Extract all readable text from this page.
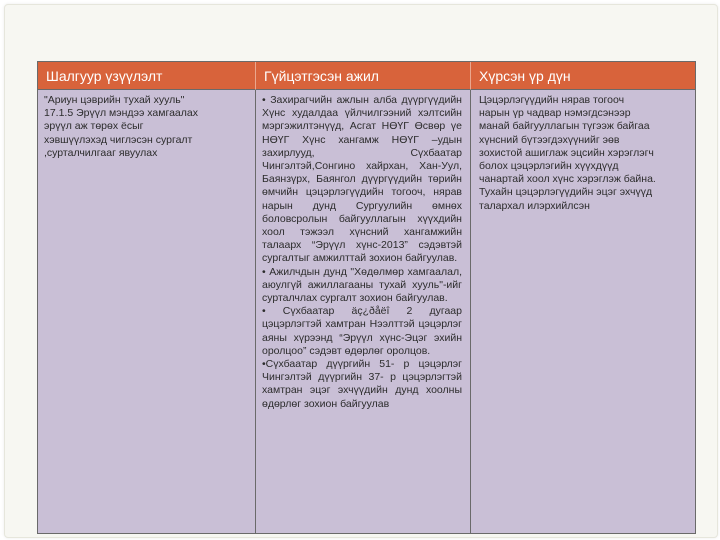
Шалгуур үзүүлэлт	Гүйцэтгэсэн ажил	Хүрсэн үр дүн
"Ариун цэврийн тухай хууль"
17.1.5 Эрүүл мэндээ хамгаалах
эрүүл аж төрөх ёсыг
хэвшүүлэхэд чиглэсэн сургалт
,сурталчилгааг явуулах
• Захирагчийн ажлын алба дүүргүүдийн Хүнс худалдаа үйлчилгээний хэлтсийн мэргэжилтэнүүд, Асгат НӨҮГ Өсвөр үе НӨҮГ Хүнс хангамж НӨҮГ –удын захирлууд, Сүхбаатар Чингэлтэй,Сонгино хайрхан, Хан-Уул, Баянзүрх, Баянгол дүүргүүдийн төрийн өмчийн цэцэрлэгүүдийн тогооч, нярав нарын дунд Сургуулийн өмнөх боловсролын байгууллагын хүүхдийн хоол тэжээл хүнсний хангамжийн талаарх “Эрүүл хүнс-2013” сэдэвтэй сургалтыг амжилттай зохион байгуулав.
• Ажилчдын дунд "Хөдөлмөр хамгаалал, аюулгүй ажиллагааны тухай хууль"-ийг сурталчлах сургалт зохион байгуулав.
• Сүхбаатар äç¿ðåëî 2 дугаар цэцэрлэгтэй хамтран Нээлттэй цэцэрлэг аяны хүрээнд “Эрүүл хүнс-Эцэг эхийн оролцоо” сэдэвт өдөрлөг оролцов.
•Сүхбаатар дүүргийн 51- р цэцэрлэг Чингэлтэй дүүргийн 37- р цэцэрлэгтэй хамтран эцэг эхчүүдийн дунд хоолны өдөрлөг зохион байгуулав
Цэцэрлэгүүдийн нярав тогооч
нарын үр чадвар нэмэгдсэнээр
манай байгууллагын түгээж байгаа
хүнсний бүтээгдэхүүнийг эөв
зохистой ашиглаж эцсийн хэрэглэгч
болох цэцэрлэгийн хүүхдүүд
чанартай хоол хүнс хэрэглэж байна.
Тухайн цэцэрлэгүүдийн эцэг эхчүүд
талархал илэрхийлсэн
